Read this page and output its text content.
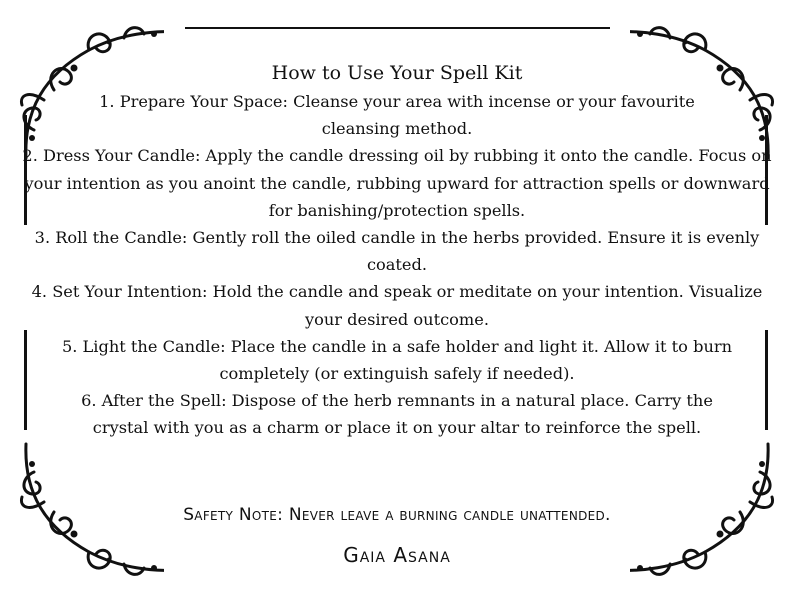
How to Use Your Spell Kit

1. Prepare Your Space: Cleanse your area with incense or your favourite cleansing method.

2. Dress Your Candle: Apply the candle dressing oil by rubbing it onto the candle. Focus on your intention as you anoint the candle, rubbing upward for attraction spells or downward for banishing/protection spells.

3. Roll the Candle: Gently roll the oiled candle in the herbs provided. Ensure it is evenly coated.

4. Set Your Intention: Hold the candle and speak or meditate on your intention. Visualize your desired outcome.

5. Light the Candle: Place the candle in a safe holder and light it. Allow it to burn completely (or extinguish safely if needed).

6. After the Spell: Dispose of the herb remnants in a natural place. Carry the crystal with you as a charm or place it on your altar to reinforce the spell.

Safety Note: Never leave a burning candle unattended.
Gaia Asana
